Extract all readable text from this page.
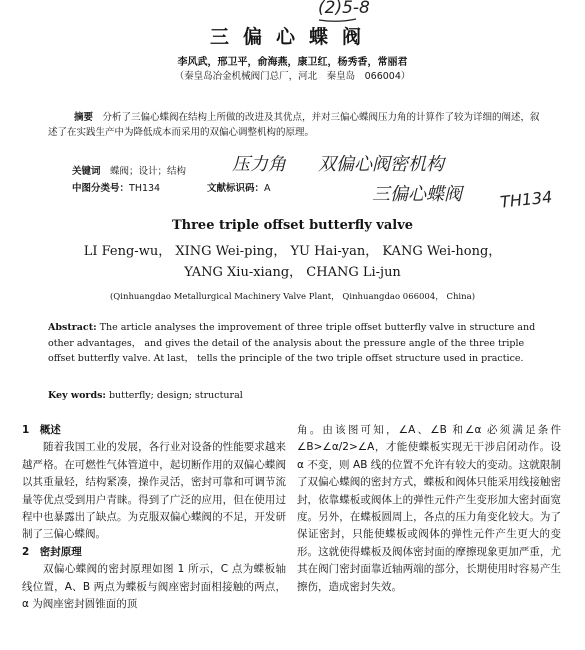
(2)5-8
压力角 双偏心阀密机构
三偏心蝶阀 TH134
三偏心蝶阀
李风武，邢卫平，俞海燕，康卫红，杨秀香，常丽君
（秦皇岛冶金机械阀门总厂，河北　秦皇岛　066004）
摘要　 分析了三偏心蝶阀在结构上所做的改进及其优点，并对三偏心蝶阀压力角的计算作了较为详细的阐述，叙述了在实践生产中为降低成本而采用的双偏心调整机构的原理。
关键词　 蝶阀；设计；结构
中图分类号：TH134	文献标识码：A
Three triple offset butterfly valve
LI Feng-wu， XING Wei-ping， YU Hai-yan， KANG Wei-hong，
YANG Xiu-xiang， CHANG Li-jun
(Qinhuangdao Metallurgical Machinery Valve Plant， Qinhuangdao 066004， China)
Abstract: The article analyses the improvement of three triple offset butterfly valve in structure and other advantages， and gives the detail of the analysis about the pressure angle of the three triple offset butterfly valve. At last， tells the principle of the two triple offset structure used in practice.
Key words: butterfly; design; structural
1　概述

随着我国工业的发展，各行业对设备的性能要求越来越严格。在可燃性气体管道中，起切断作用的双偏心蝶阀以其重量轻，结构紧凑，操作灵活，密封可靠和可调节流量等优点受到用户青睐。得到了广泛的应用，但在使用过程中也暴露出了缺点。为克服双偏心蝶阀的不足，开发研制了三偏心蝶阀。

2　密封原理

双偏心蝶阀的密封原理如图 1 所示，C 点为蝶板轴线位置，A、B 两点为蝶板与阀座密封面相接触的两点，α 为阀座密封圆锥面的顶

角。由该图可知，∠A、∠B 和∠α 必须满足条件∠B>∠α/2>∠A，才能使蝶板实现无干涉启闭动作。设 α 不变，则 AB 线的位置不允许有较大的变动。这就限制了双偏心蝶阀的密封方式，蝶板和阀体只能采用线接触密封，依靠蝶板或阀体上的弹性元件产生变形加大密封面宽度。另外，在蝶板圆周上，各点的压力角变化较大。为了保证密封，只能使蝶板或阀体的弹性元件产生更大的变形。这就使得蝶板及阀体密封面的摩擦现象更加严重，尤其在阀门密封面靠近轴两端的部分，长期使用时容易产生擦伤，造成密封失效。
